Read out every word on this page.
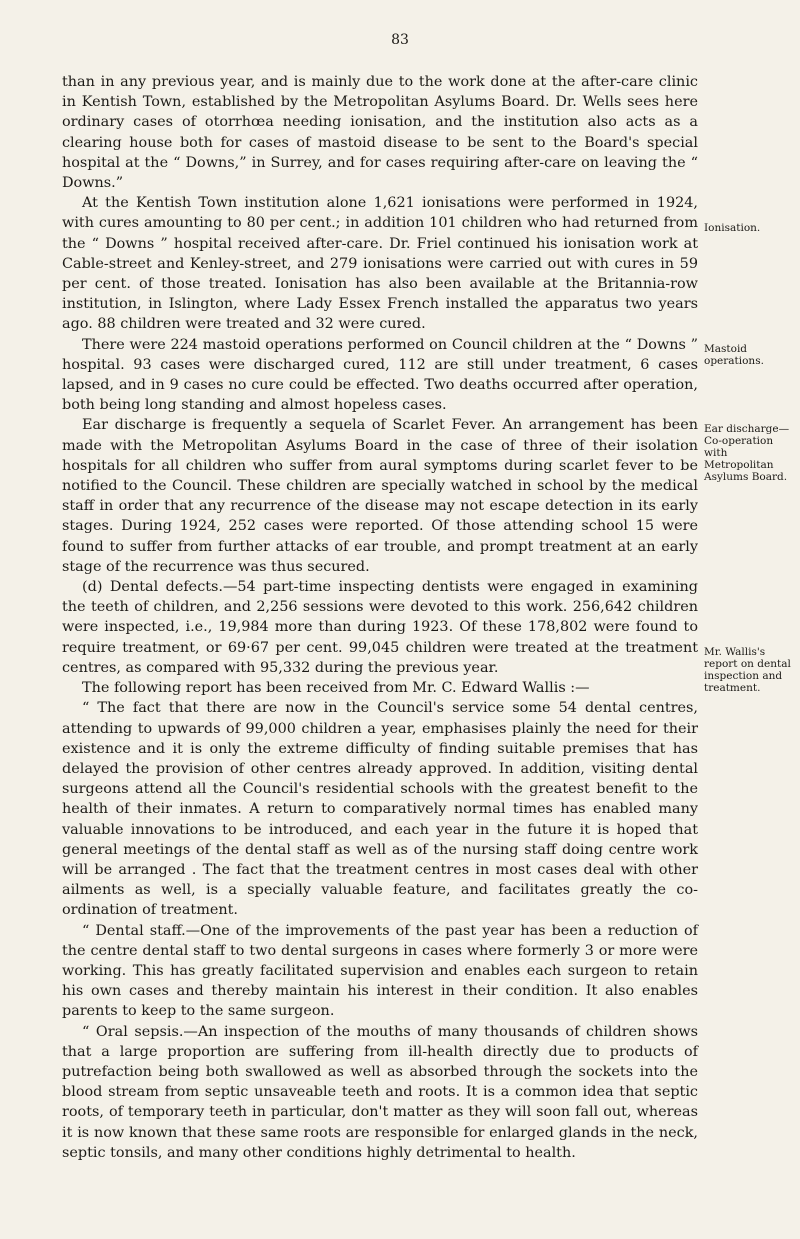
83

than in any previous year, and is mainly due to the work done at the after-care clinic in Kentish Town, established by the Metropolitan Asylums Board. Dr. Wells sees here ordinary cases of otorrhœa needing ionisation, and the institution also acts as a clearing house both for cases of mastoid disease to be sent to the Board's special hospital at the “ Downs,” in Surrey, and for cases requiring after-care on leaving the “ Downs.”

At the Kentish Town institution alone 1,621 ionisations were performed in 1924, with cures amounting to 80 per cent.; in addition 101 children who had returned from the “ Downs ” hospital received after-care. Dr. Friel continued his ionisation work at Cable-street and Kenley-street, and 279 ionisations were carried out with cures in 59 per cent. of those treated. Ionisation has also been available at the Britannia-row institution, in Islington, where Lady Essex French installed the apparatus two years ago. 88 children were treated and 32 were cured.

There were 224 mastoid operations performed on Council children at the “ Downs ” hospital. 93 cases were discharged cured, 112 are still under treatment, 6 cases lapsed, and in 9 cases no cure could be effected. Two deaths occurred after operation, both being long standing and almost hopeless cases.

Ear discharge is frequently a sequela of Scarlet Fever. An arrangement has been made with the Metropolitan Asylums Board in the case of three of their isolation hospitals for all children who suffer from aural symptoms during scarlet fever to be notified to the Council. These children are specially watched in school by the medical staff in order that any recurrence of the disease may not escape detection in its early stages. During 1924, 252 cases were reported. Of those attending school 15 were found to suffer from further attacks of ear trouble, and prompt treatment at an early stage of the recurrence was thus secured.

(d) Dental defects.—54 part-time inspecting dentists were engaged in examining the teeth of children, and 2,256 sessions were devoted to this work. 256,642 children were inspected, i.e., 19,984 more than during 1923. Of these 178,802 were found to require treatment, or 69·67 per cent. 99,045 children were treated at the treatment centres, as compared with 95,332 during the previous year.

The following report has been received from Mr. C. Edward Wallis :—

“ The fact that there are now in the Council's service some 54 dental centres, attending to upwards of 99,000 children a year, emphasises plainly the need for their existence and it is only the extreme difficulty of finding suitable premises that has delayed the provision of other centres already approved. In addition, visiting dental surgeons attend all the Council's residential schools with the greatest benefit to the health of their inmates. A return to comparatively normal times has enabled many valuable innovations to be introduced, and each year in the future it is hoped that general meetings of the dental staff as well as of the nursing staff doing centre work will be arranged . The fact that the treatment centres in most cases deal with other ailments as well, is a specially valuable feature, and facilitates greatly the co-ordination of treatment.

“ Dental staff.—One of the improvements of the past year has been a reduction of the centre dental staff to two dental surgeons in cases where formerly 3 or more were working. This has greatly facilitated supervision and enables each surgeon to retain his own cases and thereby maintain his interest in their condition. It also enables parents to keep to the same surgeon.

“ Oral sepsis.—An inspection of the mouths of many thousands of children shows that a large proportion are suffering from ill-health directly due to products of putrefaction being both swallowed as well as absorbed through the sockets into the blood stream from septic unsaveable teeth and roots. It is a common idea that septic roots, of temporary teeth in particular, don't matter as they will soon fall out, whereas it is now known that these same roots are responsible for enlarged glands in the neck, septic tonsils, and many other conditions highly detrimental to health.

Ionisation.
Mastoid operations.
Ear discharge— Co-operation with Metropolitan Asylums Board.
Mr. Wallis's report on dental inspection and treatment.
